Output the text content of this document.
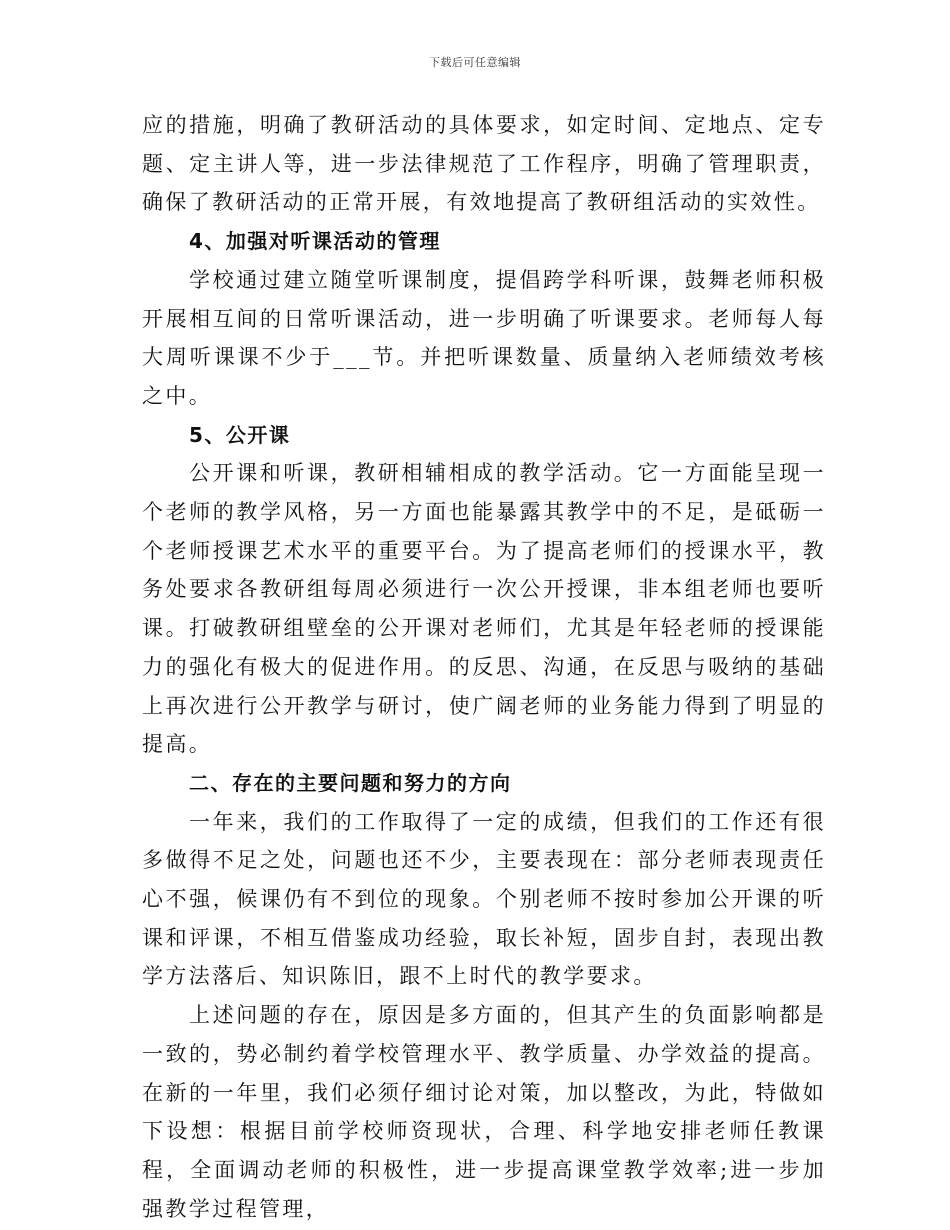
下载后可任意编辑

应的措施，明确了教研活动的具体要求，如定时间、定地点、定专题、定主讲人等，进一步法律规范了工作程序，明确了管理职责，确保了教研活动的正常开展，有效地提高了教研组活动的实效性。

4、加强对听课活动的管理

学校通过建立随堂听课制度，提倡跨学科听课，鼓舞老师积极开展相互间的日常听课活动，进一步明确了听课要求。老师每人每大周听课课不少于___节。并把听课数量、质量纳入老师绩效考核之中。

5、公开课

公开课和听课，教研相辅相成的教学活动。它一方面能呈现一个老师的教学风格，另一方面也能暴露其教学中的不足，是砥砺一个老师授课艺术水平的重要平台。为了提高老师们的授课水平，教务处要求各教研组每周必须进行一次公开授课，非本组老师也要听课。打破教研组壁垒的公开课对老师们，尤其是年轻老师的授课能力的强化有极大的促进作用。的反思、沟通，在反思与吸纳的基础上再次进行公开教学与研讨，使广阔老师的业务能力得到了明显的提高。

二、存在的主要问题和努力的方向

一年来，我们的工作取得了一定的成绩，但我们的工作还有很多做得不足之处，问题也还不少，主要表现在：部分老师表现责任心不强，候课仍有不到位的现象。个别老师不按时参加公开课的听课和评课，不相互借鉴成功经验，取长补短，固步自封，表现出教学方法落后、知识陈旧，跟不上时代的教学要求。

上述问题的存在，原因是多方面的，但其产生的负面影响都是一致的，势必制约着学校管理水平、教学质量、办学效益的提高。在新的一年里，我们必须仔细讨论对策，加以整改，为此，特做如下设想：根据目前学校师资现状，合理、科学地安排老师任教课程，全面调动老师的积极性，进一步提高课堂教学效率;进一步加强教学过程管理，
